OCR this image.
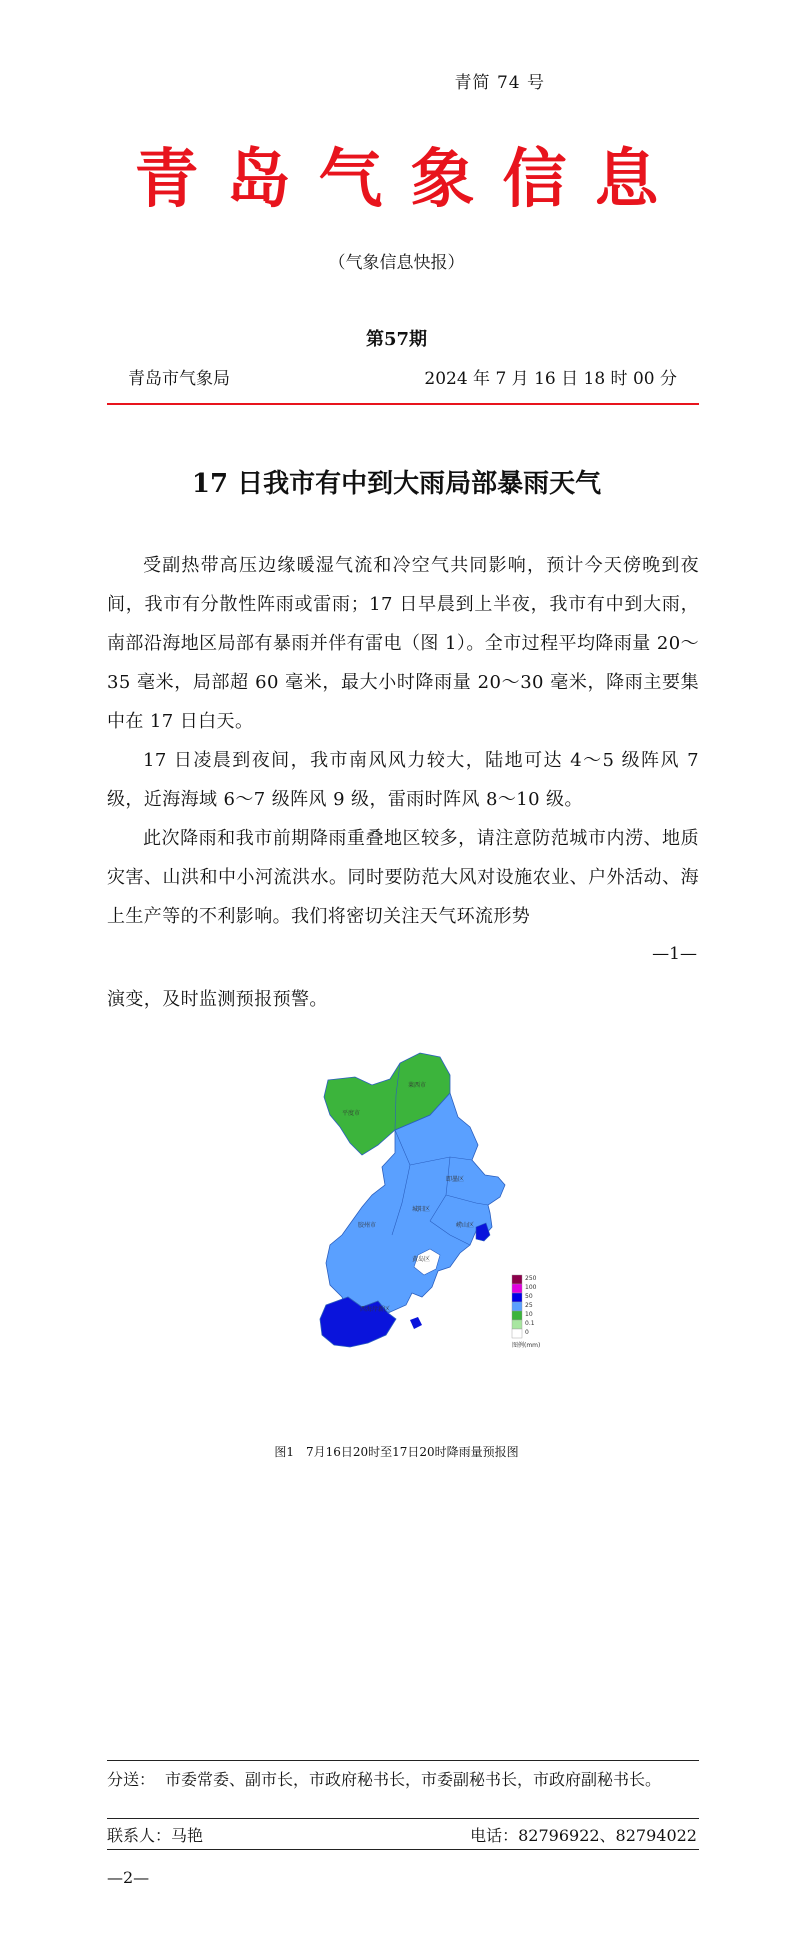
青简 74 号
青岛气象信息
（气象信息快报）
第57期
青岛市气象局	2024 年 7 月 16 日 18 时 00 分
17 日我市有中到大雨局部暴雨天气
受副热带高压边缘暖湿气流和冷空气共同影响，预计今天傍晚到夜间，我市有分散性阵雨或雷雨；17 日早晨到上半夜，我市有中到大雨，南部沿海地区局部有暴雨并伴有雷电（图 1）。全市过程平均降雨量 20～35 毫米，局部超 60 毫米，最大小时降雨量 20～30 毫米，降雨主要集中在 17 日白天。
17 日凌晨到夜间，我市南风风力较大，陆地可达 4～5 级阵风 7 级，近海海域 6～7 级阵风 9 级，雷雨时阵风 8～10 级。
此次降雨和我市前期降雨重叠地区较多，请注意防范城市内涝、地质灾害、山洪和中小河流洪水。同时要防范大风对设施农业、户外活动、海上生产等的不利影响。我们将密切关注天气环流形势
—1—
演变，及时监测预报预警。
平度市
莱西市
即墨区
胶州市
城阳区
崂山区
黄岛区
西海岸新区
250
100
50
25
10
0.1
0
图例(mm)
图1　7月16日20时至17日20时降雨量预报图
分送： 市委常委、副市长，市政府秘书长，市委副秘书长，市政府副秘书长。
联系人：马艳	电话：82796922、82794022
—2—
